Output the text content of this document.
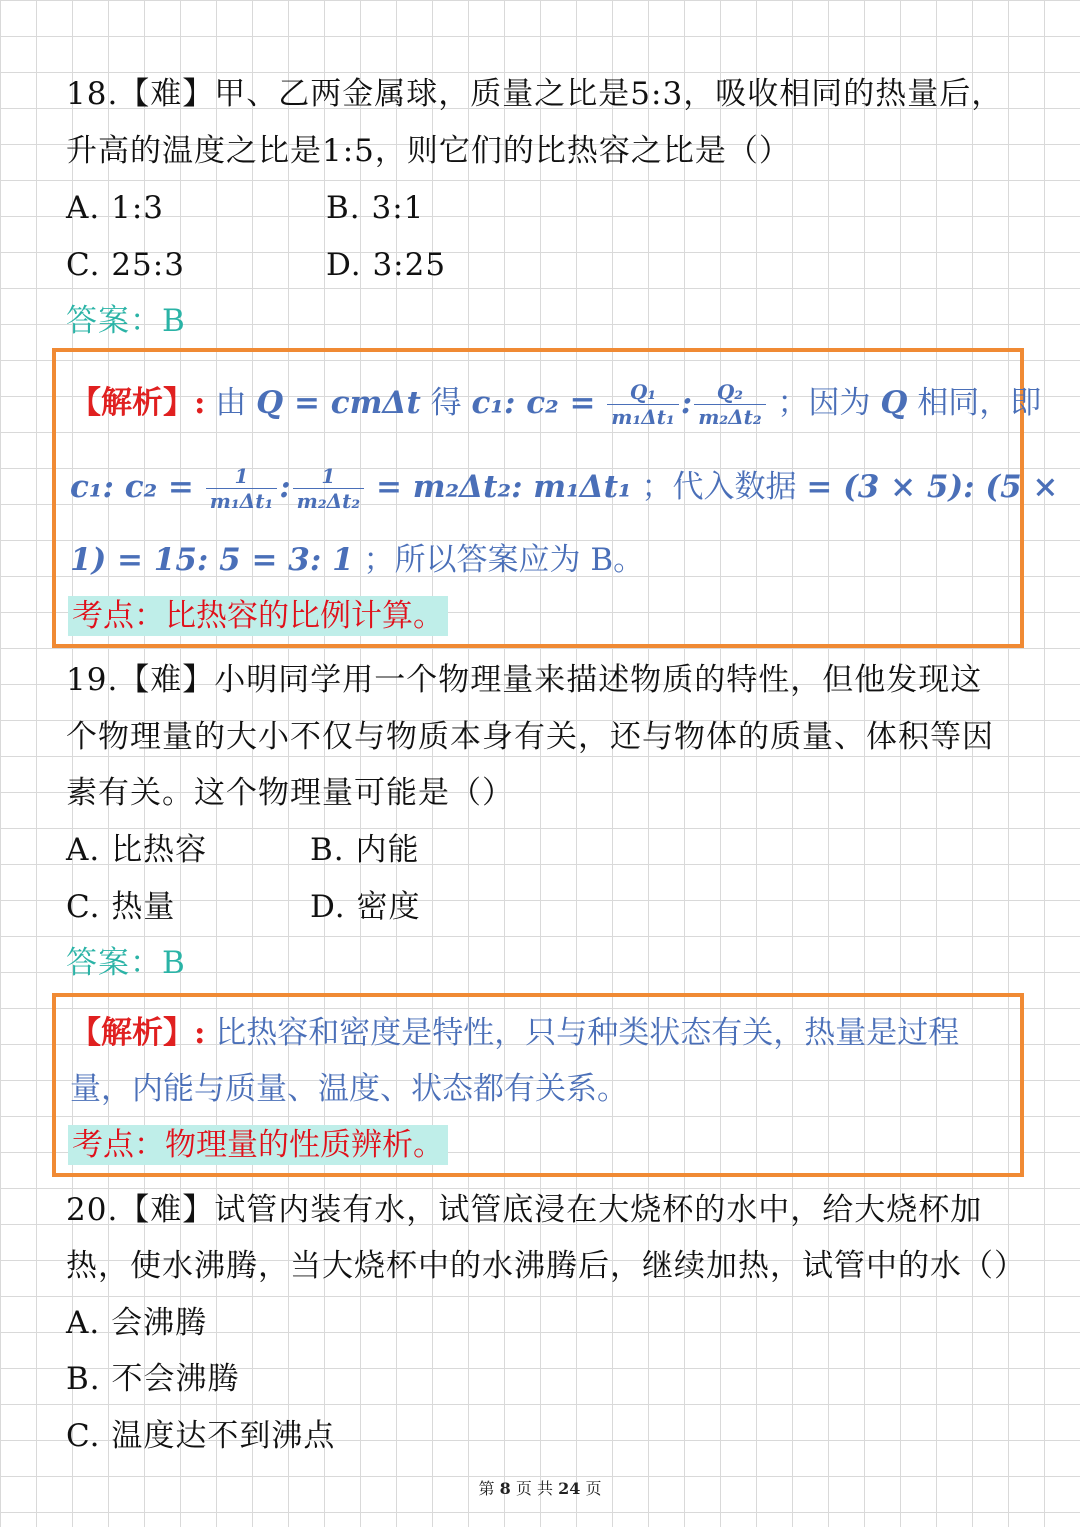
18.【难】甲、乙两金属球，质量之比是5:3，吸收相同的热量后，
升高的温度之比是1:5，则它们的比热容之比是（）
A. 1:3	B. 3:1
C. 25:3	D. 3:25
答案：B
【解析】: 由 Q = cmΔt 得 c₁: $c_2 = \frac{\text{Q₁}}{\text{m₁Δt₁}}$ : $\frac{\text{Q₂}}{\text{m₂Δt₂}}$ ；因为 Q 相同，即
c₁: $c_2 = \frac{1}{\text{m₁Δt₁}}$ : $\frac{1}{\text{m₂Δt₂}} = m_2\Delta t_2$: m₁Δt₁ ；代入数据 = (3 × 5): (5 ×
1) = 15: 5 = 3: 1 ；所以答案应为 B。
考点：比热容的比例计算。
19.【难】小明同学用一个物理量来描述物质的特性，但他发现这
个物理量的大小不仅与物质本身有关，还与物体的质量、体积等因
素有关。这个物理量可能是（）
A. 比热容	B. 内能
C. 热量	D. 密度
答案：B
【解析】: 比热容和密度是特性，只与种类状态有关，热量是过程
量，内能与质量、温度、状态都有关系。
考点：物理量的性质辨析。
20.【难】试管内装有水，试管底浸在大烧杯的水中，给大烧杯加
热，使水沸腾，当大烧杯中的水沸腾后，继续加热，试管中的水（）
A. 会沸腾
B. 不会沸腾
C. 温度达不到沸点
第 8 页 共 24 页
